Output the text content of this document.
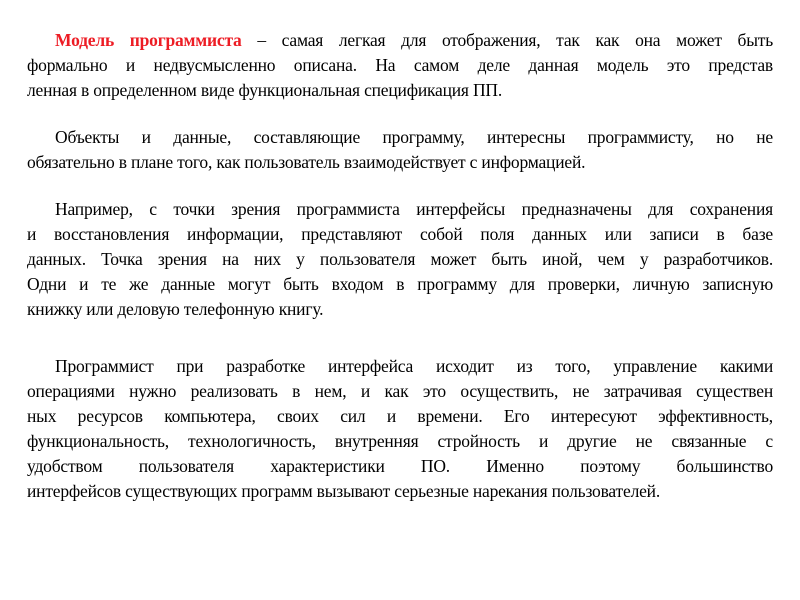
Модель программиста – самая легкая для отображения, так как она может быть
формально и недвусмысленно описана. На самом деле данная модель это представ
ленная в определенном виде функциональная спецификация ПП.
Объекты и данные, составляющие программу, интересны программисту, но не
обязательно в плане того, как пользователь взаимодействует с информацией.
Например, с точки зрения программиста интерфейсы предназначены для сохранения
и восстановления информации, представляют собой поля данных или записи в базе
данных. Точка зрения на них у пользователя может быть иной, чем у разработчиков.
Одни и те же данные могут быть входом в программу для проверки, личную записную
книжку или деловую телефонную книгу.
Программист при разработке интерфейса исходит из того, управление какими
операциями нужно реализовать в нем, и как это осуществить, не затрачивая существен
ных ресурсов компьютера, своих сил и времени. Его интересуют эффективность,
функциональность, технологичность, внутренняя стройность и другие не связанные с
удобством пользователя характеристики ПО. Именно поэтому большинство
интерфейсов существующих программ вызывают серьезные нарекания пользователей.
